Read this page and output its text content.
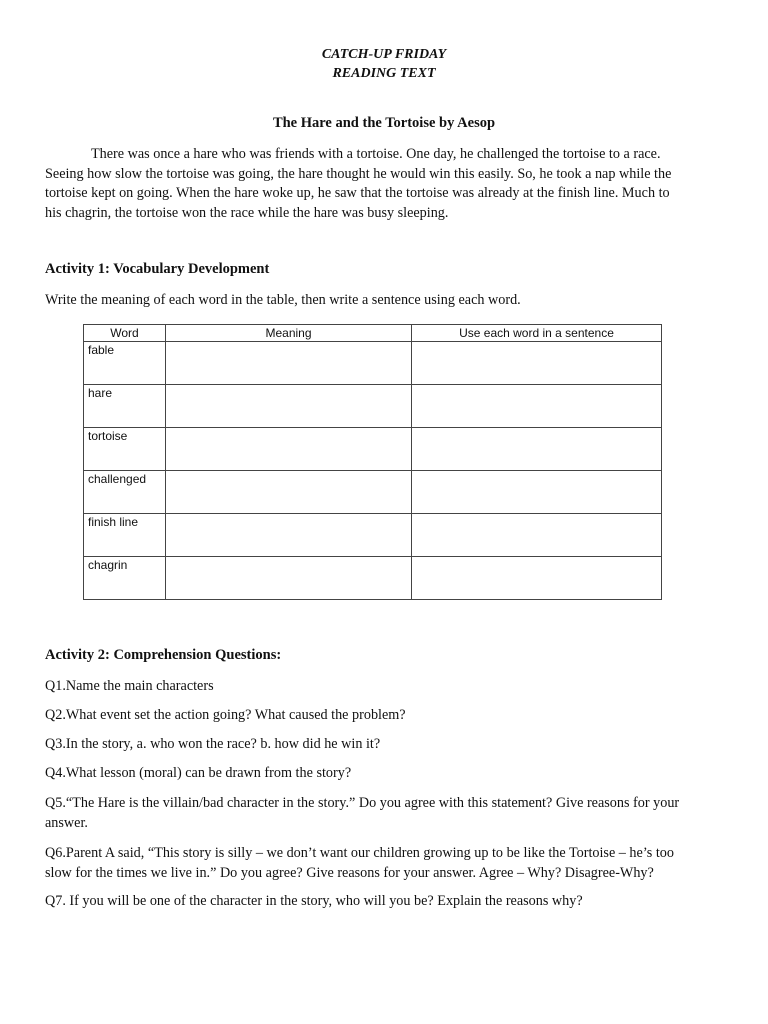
CATCH-UP FRIDAY
READING TEXT
The Hare and the Tortoise by Aesop
There was once a hare who was friends with a tortoise. One day, he challenged the tortoise to a race.
Seeing how slow the tortoise was going, the hare thought he would win this easily. So, he took a nap while the
tortoise kept on going. When the hare woke up, he saw that the tortoise was already at the finish line. Much to
his chagrin, the tortoise won the race while the hare was busy sleeping.
Activity 1: Vocabulary Development
Write the meaning of each word in the table, then write a sentence using each word.
Word	Meaning	Use each word in a sentence
fable		
hare		
tortoise		
challenged		
finish line		
chagrin		
Activity 2: Comprehension Questions:
Q1.Name the main characters
Q2.What event set the action going? What caused the problem?
Q3.In the story, a. who won the race? b. how did he win it?
Q4.What lesson (moral) can be drawn from the story?
Q5.“The Hare is the villain/bad character in the story.” Do you agree with this statement? Give reasons for your
answer.
Q6.Parent A said, “This story is silly – we don’t want our children growing up to be like the Tortoise – he’s too
slow for the times we live in.” Do you agree? Give reasons for your answer. Agree – Why? Disagree-Why?
Q7. If you will be one of the character in the story, who will you be? Explain the reasons why?
